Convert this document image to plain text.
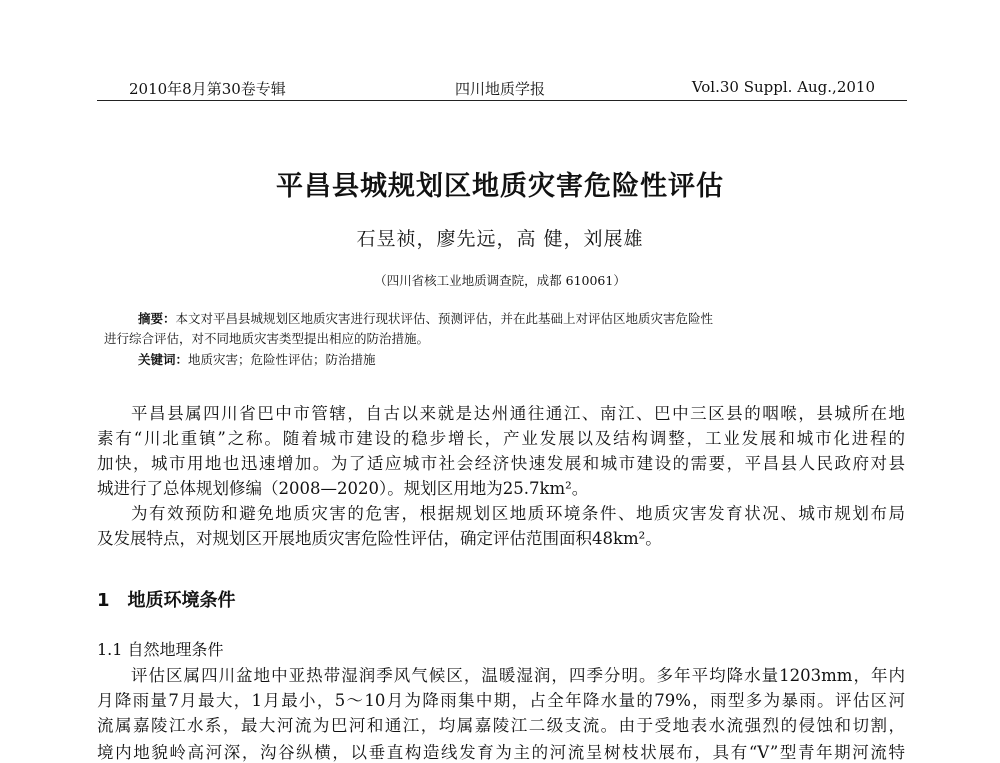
2010年8月第30卷专辑	四川地质学报	Vol.30 Suppl. Aug.,2010
平昌县城规划区地质灾害危险性评估
石昱祯，廖先远，高 健，刘展雄
（四川省核工业地质调查院，成都 610061）
摘要：本文对平昌县城规划区地质灾害进行现状评估、预测评估，并在此基础上对评估区地质灾害危险性
进行综合评估，对不同地质灾害类型提出相应的防治措施。
关键词：地质灾害；危险性评估；防治措施
平昌县属四川省巴中市管辖，自古以来就是达州通往通江、南江、巴中三区县的咽喉，县城所在地
素有“川北重镇”之称。随着城市建设的稳步增长，产业发展以及结构调整，工业发展和城市化进程的
加快，城市用地也迅速增加。为了适应城市社会经济快速发展和城市建设的需要，平昌县人民政府对县
城进行了总体规划修编（2008—2020）。规划区用地为25.7km²。
为有效预防和避免地质灾害的危害，根据规划区地质环境条件、地质灾害发育状况、城市规划布局
及发展特点，对规划区开展地质灾害危险性评估，确定评估范围面积48km²。
1　地质环境条件
1.1 自然地理条件
评估区属四川盆地中亚热带湿润季风气候区，温暖湿润，四季分明。多年平均降水量1203mm，年内
月降雨量7月最大，1月最小，5～10月为降雨集中期，占全年降水量的79%，雨型多为暴雨。评估区河
流属嘉陵江水系，最大河流为巴河和通江，均属嘉陵江二级支流。由于受地表水流强烈的侵蚀和切割，
境内地貌岭高河深，沟谷纵横，以垂直构造线发育为主的河流呈树枝状展布，具有“V”型青年期河流特
